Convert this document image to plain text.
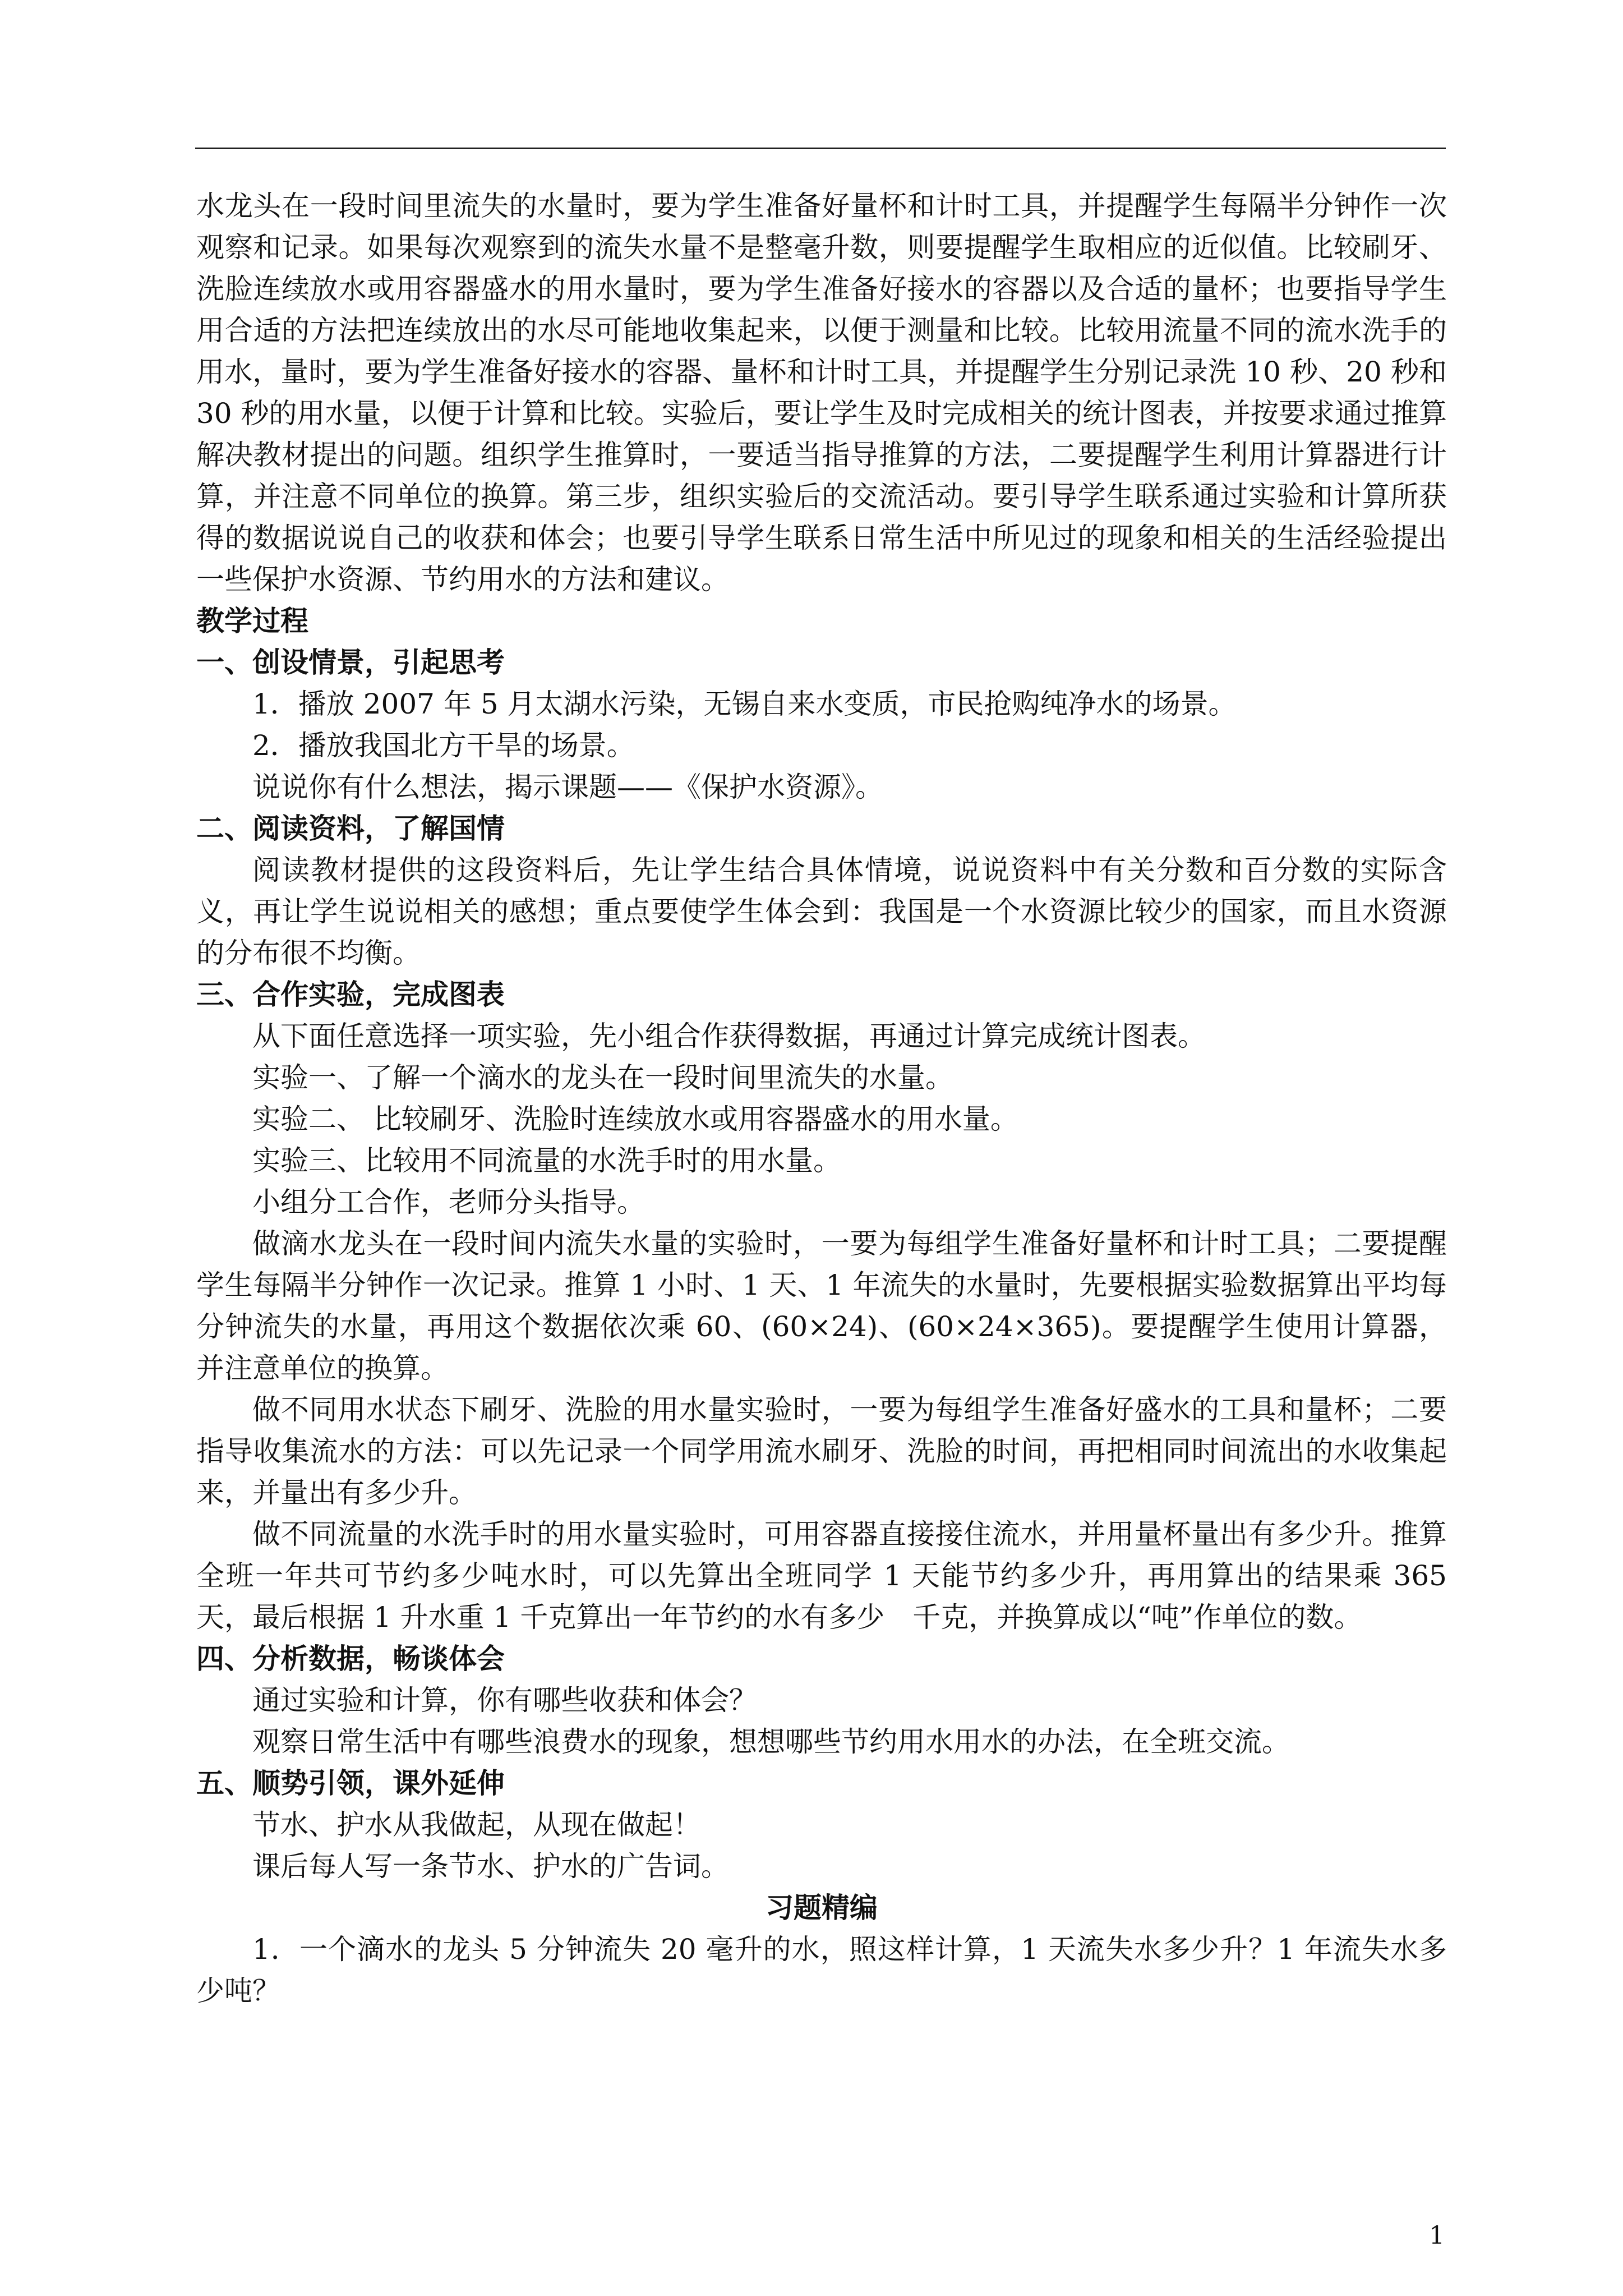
水龙头在一段时间里流失的水量时，要为学生准备好量杯和计时工具，并提醒学生每隔半分钟作一次观察和记录。如果每次观察到的流失水量不是整毫升数，则要提醒学生取相应的近似值。比较刷牙、洗脸连续放水或用容器盛水的用水量时，要为学生准备好接水的容器以及合适的量杯；也要指导学生用合适的方法把连续放出的水尽可能地收集起来，以便于测量和比较。比较用流量不同的流水洗手的用水，量时，要为学生准备好接水的容器、量杯和计时工具，并提醒学生分别记录洗 10 秒、20 秒和 30 秒的用水量，以便于计算和比较。实验后，要让学生及时完成相关的统计图表，并按要求通过推算解决教材提出的问题。组织学生推算时，一要适当指导推算的方法，二要提醒学生利用计算器进行计算，并注意不同单位的换算。第三步，组织实验后的交流活动。要引导学生联系通过实验和计算所获得的数据说说自己的收获和体会；也要引导学生联系日常生活中所见过的现象和相关的生活经验提出一些保护水资源、节约用水的方法和建议。

教学过程

一、创设情景，引起思考

1．播放 2007 年 5 月太湖水污染，无锡自来水变质，市民抢购纯净水的场景。

2．播放我国北方干旱的场景。

说说你有什么想法，揭示课题——《保护水资源》。

二、阅读资料，了解国情

阅读教材提供的这段资料后，先让学生结合具体情境，说说资料中有关分数和百分数的实际含义，再让学生说说相关的感想；重点要使学生体会到：我国是一个水资源比较少的国家，而且水资源的分布很不均衡。

三、合作实验，完成图表

从下面任意选择一项实验，先小组合作获得数据，再通过计算完成统计图表。

实验一、了解一个滴水的龙头在一段时间里流失的水量。

实验二、 比较刷牙、洗脸时连续放水或用容器盛水的用水量。

实验三、比较用不同流量的水洗手时的用水量。

小组分工合作，老师分头指导。

做滴水龙头在一段时间内流失水量的实验时，一要为每组学生准备好量杯和计时工具；二要提醒学生每隔半分钟作一次记录。推算 1 小时、1 天、1 年流失的水量时，先要根据实验数据算出平均每分钟流失的水量，再用这个数据依次乘 60、(60×24)、(60×24×365)。要提醒学生使用计算器，并注意单位的换算。

做不同用水状态下刷牙、洗脸的用水量实验时，一要为每组学生准备好盛水的工具和量杯；二要指导收集流水的方法：可以先记录一个同学用流水刷牙、洗脸的时间，再把相同时间流出的水收集起来，并量出有多少升。

做不同流量的水洗手时的用水量实验时，可用容器直接接住流水，并用量杯量出有多少升。推算全班一年共可节约多少吨水时，可以先算出全班同学 1 天能节约多少升，再用算出的结果乘 365 天，最后根据 1 升水重 1 千克算出一年节约的水有多少　千克，并换算成以“吨”作单位的数。

四、分析数据，畅谈体会

通过实验和计算，你有哪些收获和体会？

观察日常生活中有哪些浪费水的现象，想想哪些节约用水用水的办法，在全班交流。

五、顺势引领，课外延伸

节水、护水从我做起，从现在做起！

课后每人写一条节水、护水的广告词。

习题精编

1．一个滴水的龙头 5 分钟流失 20 毫升的水，照这样计算，1 天流失水多少升？1 年流失水多少吨？

1
